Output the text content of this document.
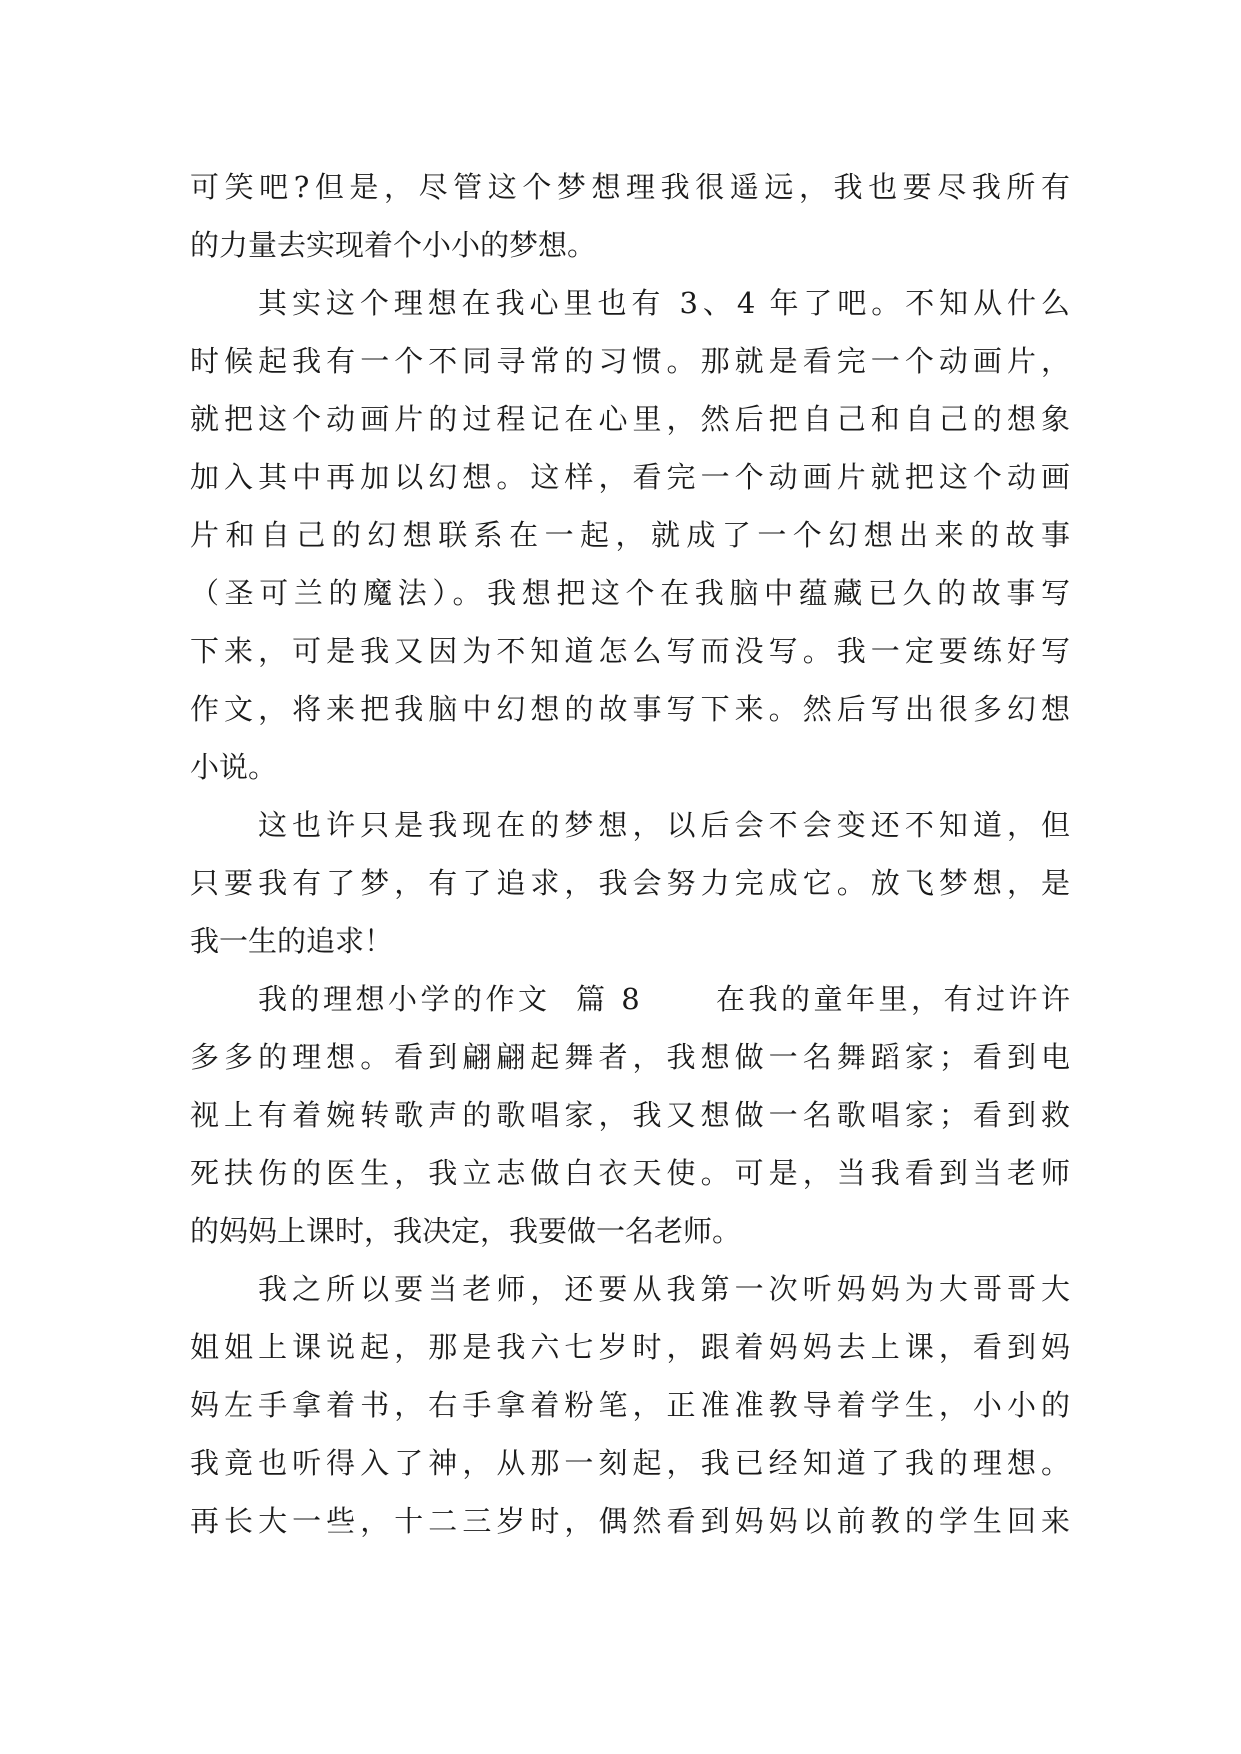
可笑吧?但是，尽管这个梦想理我很遥远，我也要尽我所有
的力量去实现着个小小的梦想。
其实这个理想在我心里也有 3、4 年了吧。不知从什么
时候起我有一个不同寻常的习惯。那就是看完一个动画片，
就把这个动画片的过程记在心里，然后把自己和自己的想象
加入其中再加以幻想。这样，看完一个动画片就把这个动画
片和自己的幻想联系在一起，就成了一个幻想出来的故事
（圣可兰的魔法）。我想把这个在我脑中蕴藏已久的故事写
下来，可是我又因为不知道怎么写而没写。我一定要练好写
作文，将来把我脑中幻想的故事写下来。然后写出很多幻想
小说。
这也许只是我现在的梦想，以后会不会变还不知道，但
只要我有了梦，有了追求，我会努力完成它。放飞梦想，是
我一生的追求！
我的理想小学的作文  篇 8      在我的童年里，有过许许
多多的理想。看到翩翩起舞者，我想做一名舞蹈家；看到电
视上有着婉转歌声的歌唱家，我又想做一名歌唱家；看到救
死扶伤的医生，我立志做白衣天使。可是，当我看到当老师
的妈妈上课时，我决定，我要做一名老师。
我之所以要当老师，还要从我第一次听妈妈为大哥哥大
姐姐上课说起，那是我六七岁时，跟着妈妈去上课，看到妈
妈左手拿着书，右手拿着粉笔，正准准教导着学生，小小的
我竟也听得入了神，从那一刻起，我已经知道了我的理想。
再长大一些，十二三岁时，偶然看到妈妈以前教的学生回来
